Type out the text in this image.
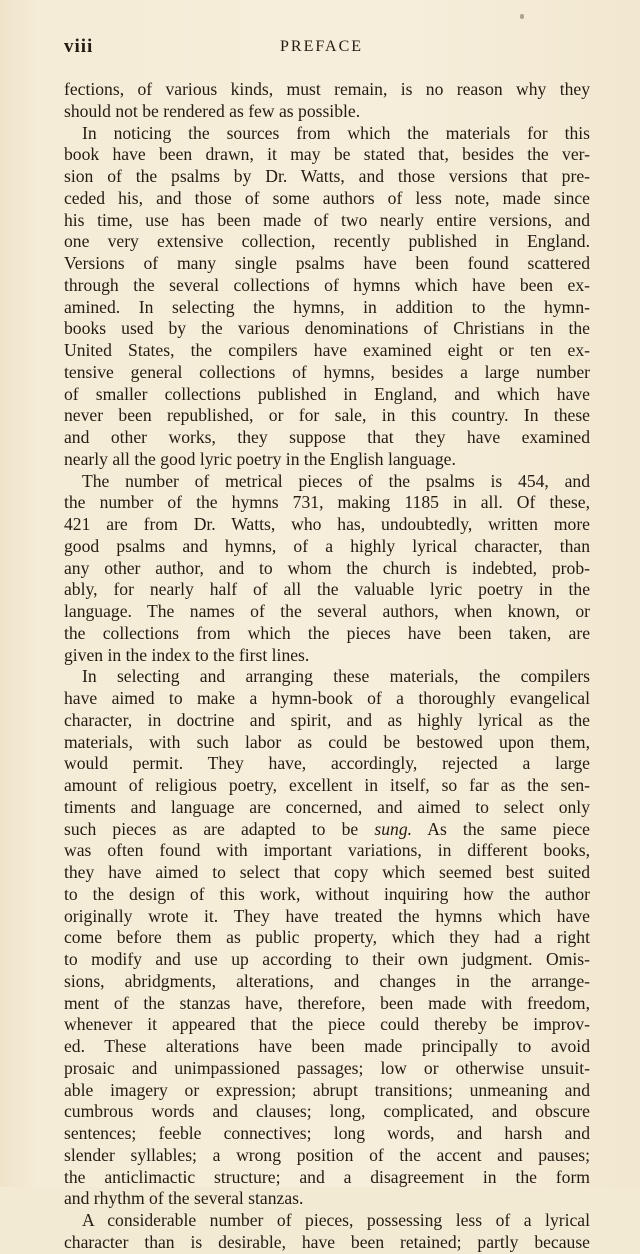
viii	PREFACE
fections, of various kinds, must remain, is no reason why they
should not be rendered as few as possible.
In noticing the sources from which the materials for this
book have been drawn, it may be stated that, besides the ver-
sion of the psalms by Dr. Watts, and those versions that pre-
ceded his, and those of some authors of less note, made since
his time, use has been made of two nearly entire versions, and
one very extensive collection, recently published in England.
Versions of many single psalms have been found scattered
through the several collections of hymns which have been ex-
amined. In selecting the hymns, in addition to the hymn-
books used by the various denominations of Christians in the
United States, the compilers have examined eight or ten ex-
tensive general collections of hymns, besides a large number
of smaller collections published in England, and which have
never been republished, or for sale, in this country. In these
and other works, they suppose that they have examined
nearly all the good lyric poetry in the English language.
The number of metrical pieces of the psalms is 454, and
the number of the hymns 731, making 1185 in all. Of these,
421 are from Dr. Watts, who has, undoubtedly, written more
good psalms and hymns, of a highly lyrical character, than
any other author, and to whom the church is indebted, prob-
ably, for nearly half of all the valuable lyric poetry in the
language. The names of the several authors, when known, or
the collections from which the pieces have been taken, are
given in the index to the first lines.
In selecting and arranging these materials, the compilers
have aimed to make a hymn-book of a thoroughly evangelical
character, in doctrine and spirit, and as highly lyrical as the
materials, with such labor as could be bestowed upon them,
would permit. They have, accordingly, rejected a large
amount of religious poetry, excellent in itself, so far as the sen-
timents and language are concerned, and aimed to select only
such pieces as are adapted to be sung. As the same piece
was often found with important variations, in different books,
they have aimed to select that copy which seemed best suited
to the design of this work, without inquiring how the author
originally wrote it. They have treated the hymns which have
come before them as public property, which they had a right
to modify and use up according to their own judgment. Omis-
sions, abridgments, alterations, and changes in the arrange-
ment of the stanzas have, therefore, been made with freedom,
whenever it appeared that the piece could thereby be improv-
ed. These alterations have been made principally to avoid
prosaic and unimpassioned passages; low or otherwise unsuit-
able imagery or expression; abrupt transitions; unmeaning and
cumbrous words and clauses; long, complicated, and obscure
sentences; feeble connectives; long words, and harsh and
slender syllables; a wrong position of the accent and pauses;
the anticlimactic structure; and a disagreement in the form
and rhythm of the several stanzas.
A considerable number of pieces, possessing less of a lyrical
character than is desirable, have been retained; partly because
